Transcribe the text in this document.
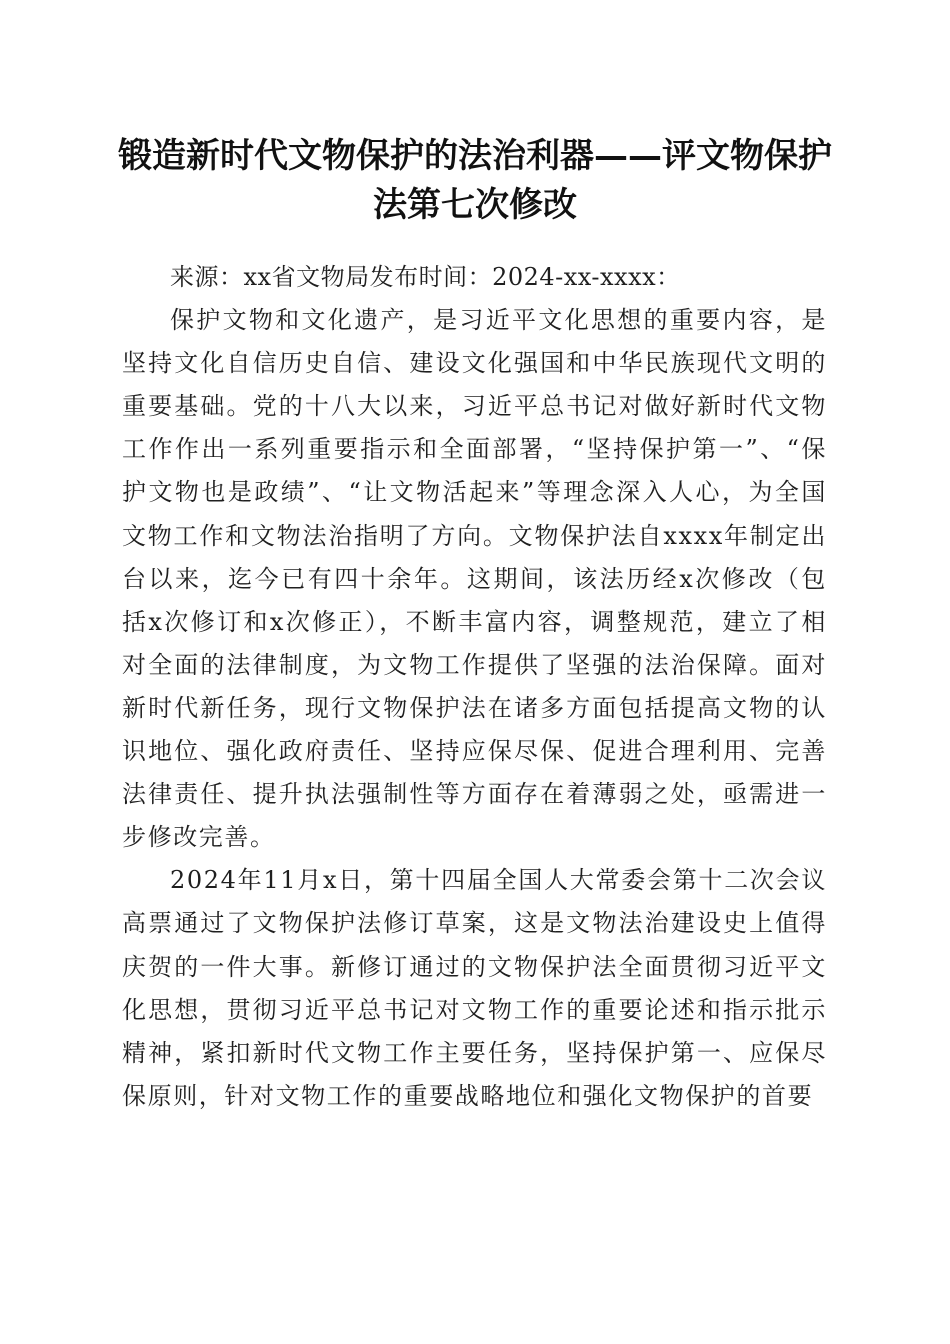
锻造新时代文物保护的法治利器——评文物保护法第七次修改

来源：xx省文物局发布时间：2024-xx-xxxx：

保护文物和文化遗产，是习近平文化思想的重要内容，是坚持文化自信历史自信、建设文化强国和中华民族现代文明的重要基础。党的十八大以来，习近平总书记对做好新时代文物工作作出一系列重要指示和全面部署，“坚持保护第一”、“保护文物也是政绩”、“让文物活起来”等理念深入人心，为全国文物工作和文物法治指明了方向。文物保护法自xxxx年制定出台以来，迄今已有四十余年。这期间，该法历经x次修改（包括x次修订和x次修正），不断丰富内容，调整规范，建立了相对全面的法律制度，为文物工作提供了坚强的法治保障。面对新时代新任务，现行文物保护法在诸多方面包括提高文物的认识地位、强化政府责任、坚持应保尽保、促进合理利用、完善法律责任、提升执法强制性等方面存在着薄弱之处，亟需进一步修改完善。

2024年11月x日，第十四届全国人大常委会第十二次会议高票通过了文物保护法修订草案，这是文物法治建设史上值得庆贺的一件大事。新修订通过的文物保护法全面贯彻习近平文化思想，贯彻习近平总书记对文物工作的重要论述和指示批示精神，紧扣新时代文物工作主要任务，坚持保护第一、应保尽保原则，针对文物工作的重要战略地位和强化文物保护的首要
